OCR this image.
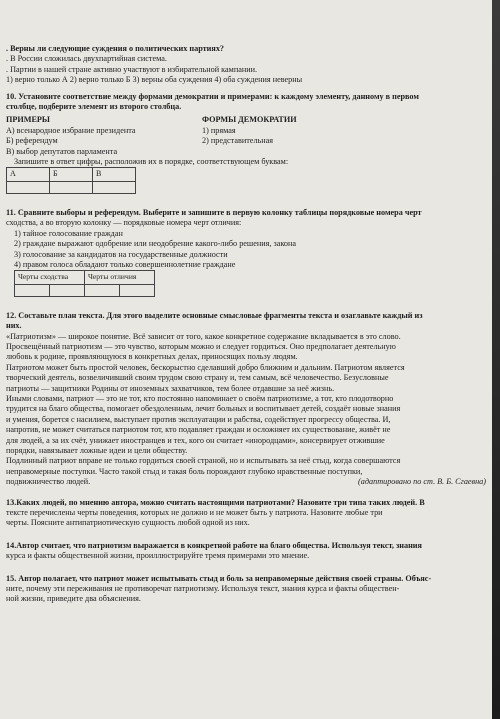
. Верны ли следующие суждения о политических партиях?
. В России сложилась двухпартийная система.
. Партии в нашей стране активно участвуют в избирательной кампании.
1) верно только А 2) верно только Б 3) верны оба суждения 4) оба суждения неверны
10. Установите соответствие между формами демократии и примерами: к каждому элементу, данному в первом
столбце, подберите элемент из второго столбца.
ПРИМЕРЫ
А) всенародное избрание президента
Б) референдум
В) выбор депутатов парламента
ФОРМЫ ДЕМОКРАТИИ
1) прямая
2) представительная
Запишите в ответ цифры, расположив их в порядке, соответствующем буквам:
А	Б	В

11. Сравните выборы и референдум. Выберите и запишите в первую колонку таблицы порядковые номера черт
сходства, а во вторую колонку — порядковые номера черт отличия:
1) тайное голосование граждан
2) граждане выражают одобрение или неодобрение какого-либо решения, закона
3) голосование за кандидатов на государственные должности
4) правом голоса обладают только совершеннолетние граждане
Черты сходства		Черты отличия	

12. Составьте план текста. Для этого выделите основные смысловые фрагменты текста и озаглавьте каждый из
них.
«Патриотизм» — широкое понятие. Всё зависит от того, какое конкретное содержание вкладывается в это слово.
Просвещённый патриотизм — это чувство, которым можно и следует гордиться. Оно предполагает деятельную
любовь к родине, проявляющуюся в конкретных делах, приносящих пользу людям.
Патриотом может быть простой человек, бескорыстно сделавший добро ближним и дальним. Патриотом является
творческий деятель, возвеличивший своим трудом свою страну и, тем самым, всё человечество. Безусловные
патриоты — защитники Родины от иноземных захватчиков, тем более отдавшие за неё жизнь.
Иными словами, патриот — это не тот, кто постоянно напоминает о своём патриотизме, а тот, кто плодотворно
трудится на благо общества, помогает обездоленным, лечит больных и воспитывает детей, создаёт новые знания
и умения, борется с насилием, выступает против эксплуатации и рабства, содействует прогрессу общества. И,
напротив, не может считаться патриотом тот, кто подавляет граждан и осложняет их существование, живёт не
для людей, а за их счёт, унижает иностранцев и тех, кого он считает «инородцами», консервирует отжившие
порядки, навязывает ложные идеи и цели обществу.
Подлинный патриот вправе не только гордиться своей страной, но и испытывать за неё стыд, когда совершаются
неправомерные поступки. Часто такой стыд и такая боль порождают глубоко нравственные поступки,
подвижничество людей.	(адаптировано по ст. В. Б. Сгаевна)
13.Каких людей, по мнению автора, можно считать настоящими патриотами? Назовите три типа таких людей. В
тексте перечислены черты поведения, которых не должно и не может быть у патриота. Назовите любые три
черты. Поясните антипатриотическую сущность любой одной из них.
14.Автор считает, что патриотизм выражается в конкретной работе на благо общества. Используя текст, знания
курса и факты общественной жизни, проиллюстрируйте тремя примерами это мнение.
15. Автор полагает, что патриот может испытывать стыд и боль за неправомерные действия своей страны. Объяс-
ните, почему эти переживания не противоречат патриотизму. Используя текст, знания курса и факты обществен-
ной жизни, приведите два объяснения.
